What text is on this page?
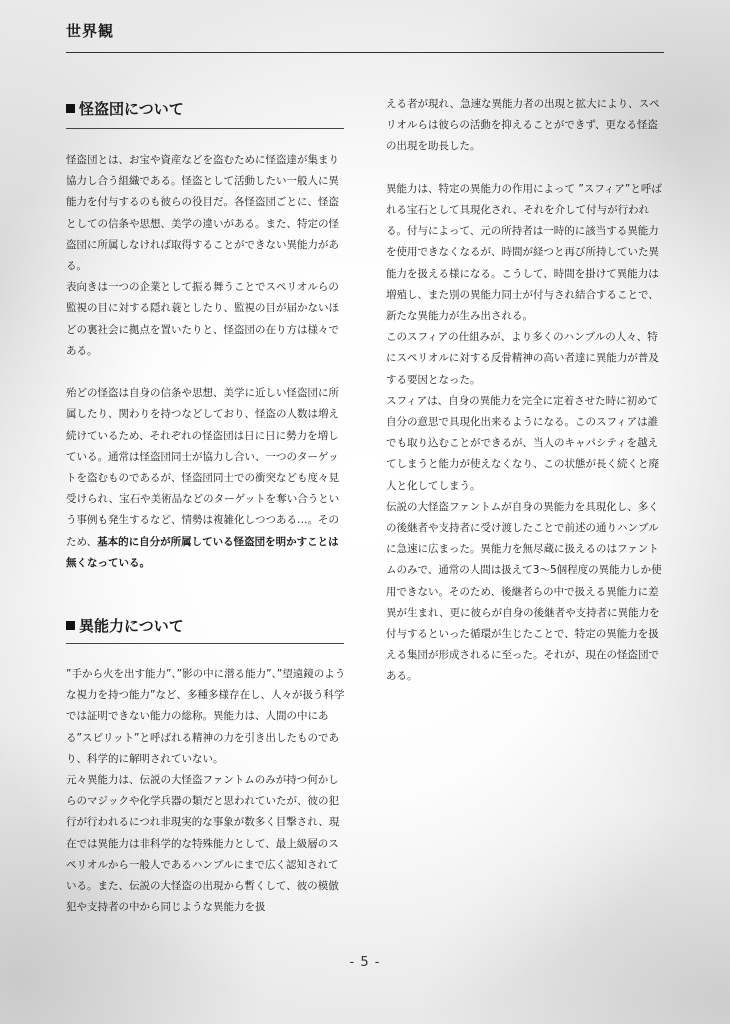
世界観
怪盗団について

怪盗団とは、お宝や資産などを盗むために怪盗達が集まり協力し合う組織である。怪盗として活動したい一般人に異能力を付与するのも彼らの役目だ。各怪盗団ごとに、怪盗としての信条や思想、美学の違いがある。また、特定の怪盗団に所属しなければ取得することができない異能力がある。

表向きは一つの企業として振る舞うことでスペリオルらの監視の目に対する隠れ蓑としたり、監視の目が届かないほどの裏社会に拠点を置いたりと、怪盗団の在り方は様々である。

殆どの怪盗は自身の信条や思想、美学に近しい怪盗団に所属したり、関わりを持つなどしており、怪盗の人数は増え続けているため、それぞれの怪盗団は日に日に勢力を増している。通常は怪盗団同士が協力し合い、一つのターゲットを盗むものであるが、怪盗団同士での衝突なども度々見受けられ、宝石や美術品などのターゲットを奪い合うという事例も発生するなど、情勢は複雑化しつつある…。そのため、基本的に自分が所属している怪盗団を明かすことは無くなっている。

異能力について

”手から火を出す能力”、”影の中に潜る能力”、”望遠鏡のような視力を持つ能力”など、多種多様存在し、人々が扱う科学では証明できない能力の総称。異能力は、人間の中にある”スピリット”と呼ばれる精神の力を引き出したものであり、科学的に解明されていない。

元々異能力は、伝説の大怪盗ファントムのみが持つ何かしらのマジックや化学兵器の類だと思われていたが、彼の犯行が行われるにつれ非現実的な事象が数多く目撃され、現在では異能力は非科学的な特殊能力として、最上級層のスペリオルから一般人であるハンブルにまで広く認知されている。また、伝説の大怪盗の出現から暫くして、彼の模倣犯や支持者の中から同じような異能力を扱

える者が現れ、急速な異能力者の出現と拡大により、スペリオルらは彼らの活動を抑えることができず、更なる怪盗の出現を助長した。

異能力は、特定の異能力の作用によって ”スフィア”と呼ばれる宝石として具現化され、それを介して付与が行われる。付与によって、元の所持者は一時的に該当する異能力を使用できなくなるが、時間が経つと再び所持していた異能力を扱える様になる。こうして、時間を掛けて異能力は増殖し、また別の異能力同士が付与され結合することで、新たな異能力が生み出される。

このスフィアの仕組みが、より多くのハンブルの人々、特にスペリオルに対する反骨精神の高い者達に異能力が普及する要因となった。

スフィアは、自身の異能力を完全に定着させた時に初めて自分の意思で具現化出来るようになる。このスフィアは誰でも取り込むことができるが、当人のキャパシティを越えてしまうと能力が使えなくなり、この状態が長く続くと廃人と化してしまう。

伝説の大怪盗ファントムが自身の異能力を具現化し、多くの後継者や支持者に受け渡したことで前述の通りハンブルに急速に広まった。異能力を無尽蔵に扱えるのはファントムのみで、通常の人間は扱えて3～5個程度の異能力しか使用できない。そのため、後継者らの中で扱える異能力に差異が生まれ、更に彼らが自身の後継者や支持者に異能力を付与するといった循環が生じたことで、特定の異能力を扱える集団が形成されるに至った。それが、現在の怪盗団である。

- 5 -
